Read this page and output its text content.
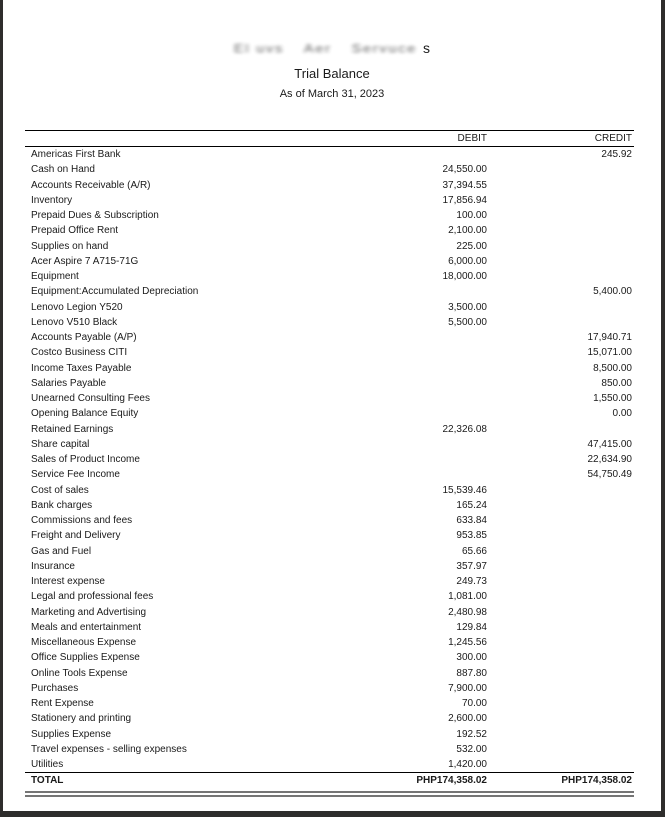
El uvs Aer Servuce s
Trial Balance
As of March 31, 2023
	DEBIT	CREDIT
Americas First Bank		245.92
Cash on Hand	24,550.00	
Accounts Receivable (A/R)	37,394.55	
Inventory	17,856.94	
Prepaid Dues & Subscription	100.00	
Prepaid Office Rent	2,100.00	
Supplies on hand	225.00	
Acer Aspire 7 A715-71G	6,000.00	
Equipment	18,000.00	
Equipment:Accumulated Depreciation		5,400.00
Lenovo Legion Y520	3,500.00	
Lenovo V510 Black	5,500.00	
Accounts Payable (A/P)		17,940.71
Costco Business CITI		15,071.00
Income Taxes Payable		8,500.00
Salaries Payable		850.00
Unearned Consulting Fees		1,550.00
Opening Balance Equity		0.00
Retained Earnings	22,326.08	
Share capital		47,415.00
Sales of Product Income		22,634.90
Service Fee Income		54,750.49
Cost of sales	15,539.46	
Bank charges	165.24	
Commissions and fees	633.84	
Freight and Delivery	953.85	
Gas and Fuel	65.66	
Insurance	357.97	
Interest expense	249.73	
Legal and professional fees	1,081.00	
Marketing and Advertising	2,480.98	
Meals and entertainment	129.84	
Miscellaneous Expense	1,245.56	
Office Supplies Expense	300.00	
Online Tools Expense	887.80	
Purchases	7,900.00	
Rent Expense	70.00	
Stationery and printing	2,600.00	
Supplies Expense	192.52	
Travel expenses - selling expenses	532.00	
Utilities	1,420.00	
TOTAL	PHP174,358.02	PHP174,358.02
